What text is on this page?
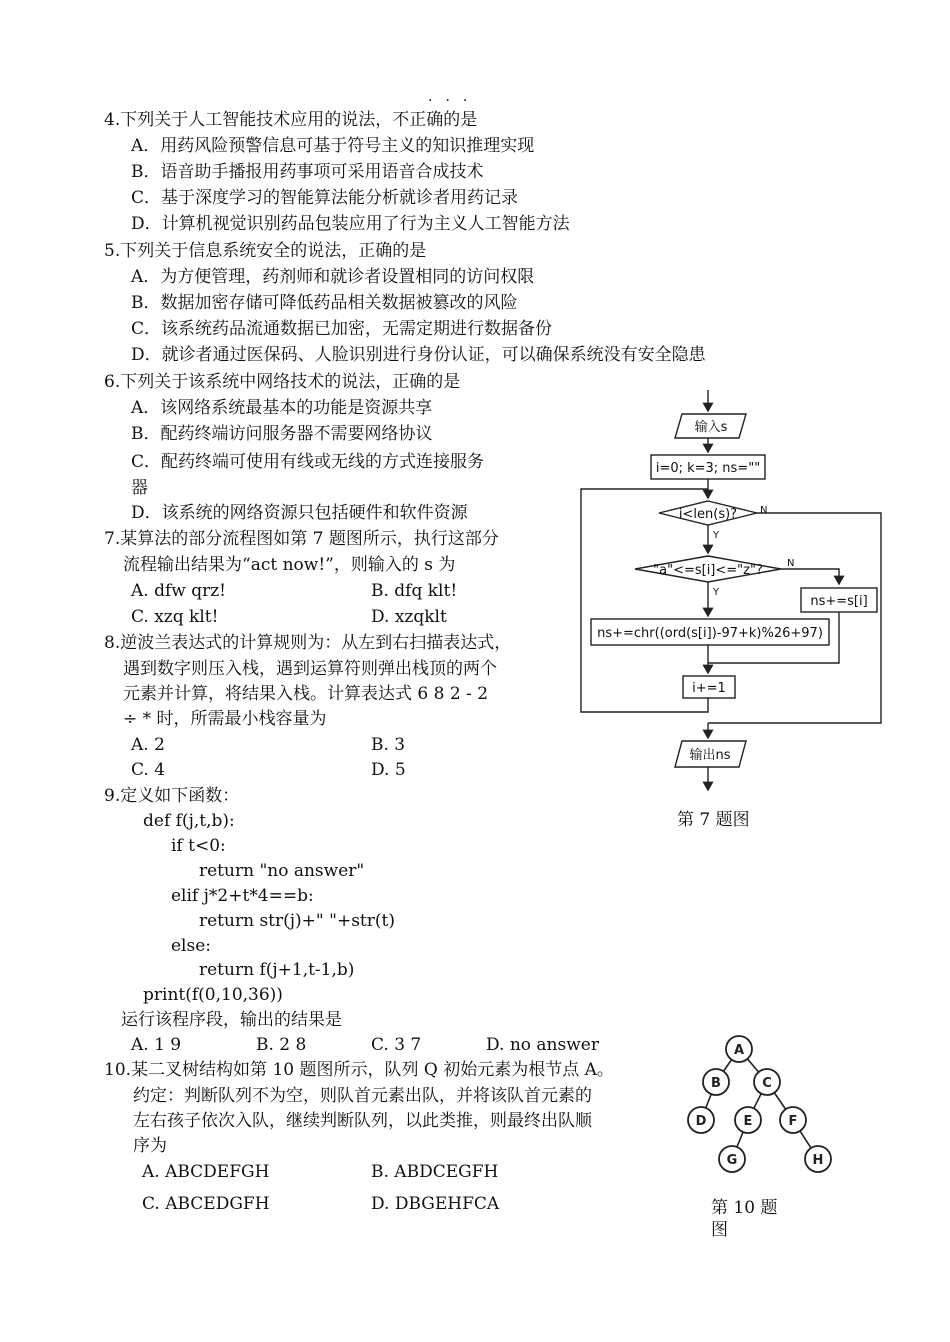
···
4.下列关于人工智能技术应用的说法，不正确的是
A．用药风险预警信息可基于符号主义的知识推理实现
B．语音助手播报用药事项可采用语音合成技术
C．基于深度学习的智能算法能分析就诊者用药记录
D．计算机视觉识别药品包装应用了行为主义人工智能方法
5.下列关于信息系统安全的说法，正确的是
A．为方便管理，药剂师和就诊者设置相同的访问权限
B．数据加密存储可降低药品相关数据被篡改的风险
C．该系统药品流通数据已加密，无需定期进行数据备份
D．就诊者通过医保码、人脸识别进行身份认证，可以确保系统没有安全隐患
6.下列关于该系统中网络技术的说法，正确的是
A．该网络系统最基本的功能是资源共享
B．配药终端访问服务器不需要网络协议
C．配药终端可使用有线或无线的方式连接服务
器
D．该系统的网络资源只包括硬件和软件资源
7.某算法的部分流程图如第 7 题图所示，执行这部分
流程输出结果为“act now!”，则输入的 s 为
A. dfw qrz!	B. dfq klt!
C. xzq klt!	D. xzqklt
8.逆波兰表达式的计算规则为：从左到右扫描表达式，
遇到数字则压入栈，遇到运算符则弹出栈顶的两个
元素并计算，将结果入栈。计算表达式 6 8 2 - 2
÷ * 时，所需最小栈容量为
A. 2	B. 3
C. 4	D. 5
9.定义如下函数：
def f(j,t,b):
if t<0:
return "no answer"
elif j*2+t*4==b:
return str(j)+" "+str(t)
else:
return f(j+1,t-1,b)
print(f(0,10,36))
运行该程序段，输出的结果是
A. 1 9	B. 2 8	C. 3 7	D. no answer
10.某二叉树结构如第 10 题图所示，队列 Q 初始元素为根节点 A。
约定：判断队列不为空，则队首元素出队，并将该队首元素的
左右孩子依次入队，继续判断队列，以此类推，则最终出队顺
序为
A. ABCDEFGH	B. ABDCEGFH
C. ABCEDGFH	D. DBGEHFCA
输入s
i=0; k=3; ns=""
i<len(s)?
Y
N
"a"<=s[i]<="z"?
Y
N
ns+=s[i]
ns+=chr((ord(s[i])-97+k)%26+97)
i+=1
输出ns
第 7 题图
A
B	C
D	E	F
G	H
第 10 题
图
